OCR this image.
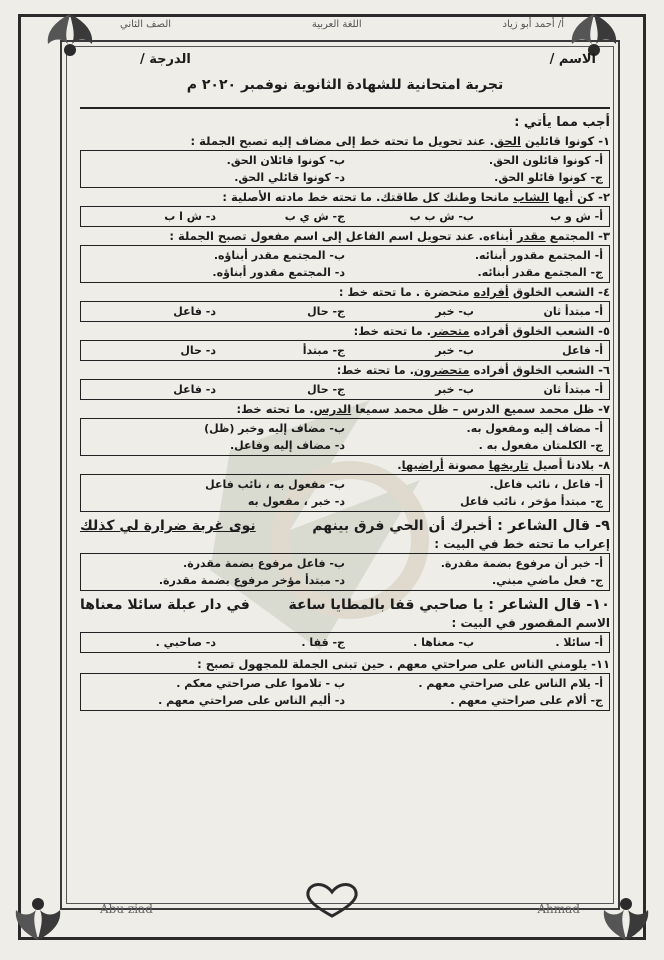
أ/ أحمد أبو زياد
اللغة العربية
الصف الثاني
الاسم /
الدرجة /
تجربة امتحانية للشهادة الثانوية نوفمبر ٢٠٢٠ م
أجب مما يأتي :
١- كونوا قائلين الحق. عند تحويل ما تحته خط إلى مضاف إليه تصبح الجملة :
أ- كونوا قائلون الحق.
ب- كونوا قائلان الحق.
ج- كونوا قائلو الحق.
د- كونوا قائلي الحق.
٢- كن أيها الشاب مانحا وطنك كل طاقتك. ما تحته خط مادته الأصلية :
أ- ش و ب
ب- ش ب ب
ج- ش ي ب
د- ش ا ب
٣- المجتمع مقدر أبناءه. عند تحويل اسم الفاعل إلى اسم مفعول تصبح الجملة :
أ- المجتمع مقدور أبنائه.
ب- المجتمع مقدر أبناؤه.
ج- المجتمع مقدر أبنائه.
د- المجتمع مقدور أبناؤه.
٤- الشعب الخلوق أفراده متحضرة . ما تحته خط :
أ- مبتدأ ثان
ب- خبر
ج- حال
د- فاعل
٥- الشعب الخلوق أفراده متحضر. ما تحته خط:
أ- فاعل
ب- خبر
ج- مبتدأ
د- حال
٦- الشعب الخلوق أفراده متحضرون. ما تحته خط:
أ- مبتدأ ثان
ب- خبر
ج- حال
د- فاعل
٧- ظل محمد سميع الدرس – ظل محمد سميعا الدرس. ما تحته خط:
أ- مضاف إليه ومفعول به.
ب- مضاف إليه وخبر (ظل)
ج- الكلمتان مفعول به .
د- مضاف إليه وفاعل.
٨- بلادنا أصيل تاريخها مصونة أراضيها.
أ- فاعل ، نائب فاعل.
ب- مفعول به ، نائب فاعل
ج- مبتدأ مؤخر ، نائب فاعل
د- خبر ، مفعول به
٩- قال الشاعر : أخبرك أن الحي فرق بينهم
نوى غربة ضرارة لي كذلك
إعراب ما تحته خط في البيت :
أ- خبر أن مرفوع بضمة مقدرة.
ب- فاعل مرفوع بضمة مقدرة.
ج- فعل ماضي مبني.
د- مبتدأ مؤخر مرفوع بضمة مقدرة.
١٠- قال الشاعر : يا صاحبي قفا بالمطايا ساعة
في دار عبلة سائلا معناها
الاسم المقصور في البيت :
أ- سائلا .
ب- معناها .
ج- قفا .
د- صاحبي .
١١- يلومني الناس على صراحتي معهم . حين تبنى الجملة للمجهول تصبح :
أ- يلام الناس على صراحتي معهم .
ب - تلاموا على صراحتي معكم .
ج- ألام على صراحتي معهم .
د- أليم الناس على صراحتي معهم .
Abu ziad	Ahmad
